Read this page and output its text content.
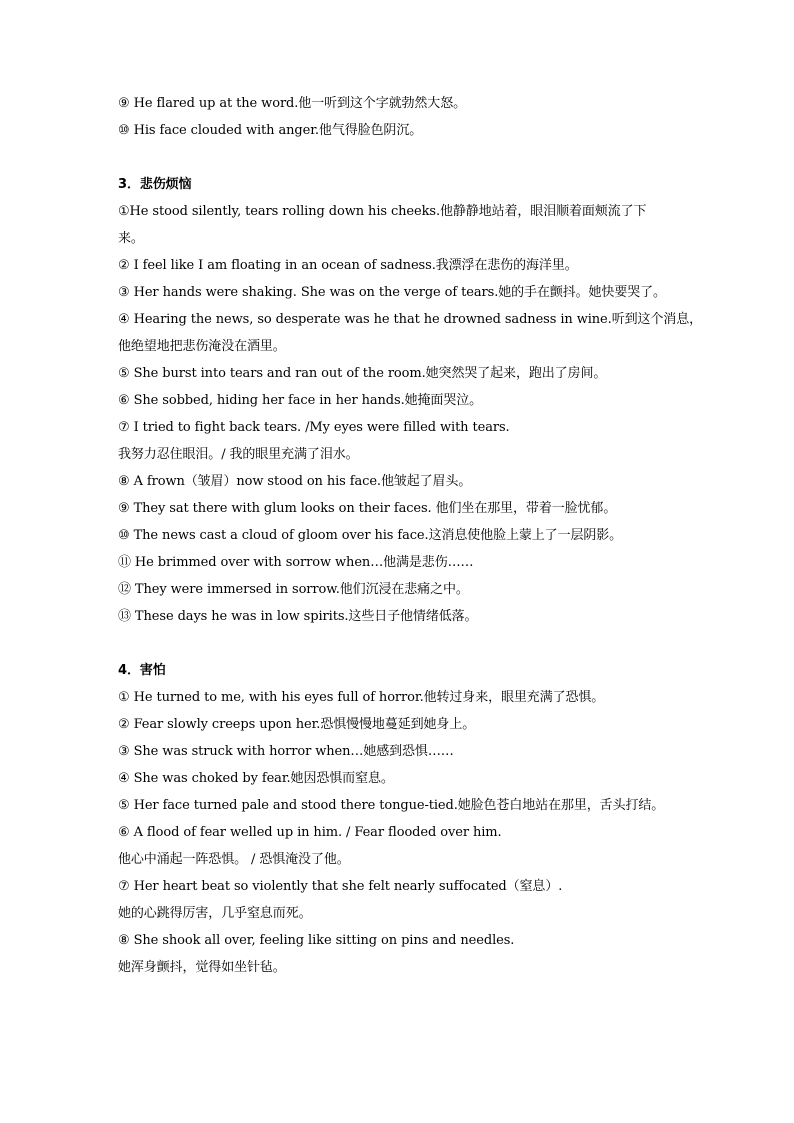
⑨ He flared up at the word.他一听到这个字就勃然大怒。
⑩ His face clouded with anger.他气得脸色阴沉。
3．悲伤烦恼
①He stood silently, tears rolling down his cheeks.他静静地站着，眼泪顺着面颊流了下
来。
② I feel like I am floating in an ocean of sadness.我漂浮在悲伤的海洋里。
③ Her hands were shaking. She was on the verge of tears.她的手在颤抖。她快要哭了。
④ Hearing the news, so desperate was he that he drowned sadness in wine.听到这个消息，
他绝望地把悲伤淹没在酒里。
⑤ She burst into tears and ran out of the room.她突然哭了起来，跑出了房间。
⑥ She sobbed, hiding her face in her hands.她掩面哭泣。
⑦ I tried to fight back tears. /My eyes were filled with tears.
我努力忍住眼泪。/ 我的眼里充满了泪水。
⑧ A frown（皱眉）now stood on his face.他皱起了眉头。
⑨ They sat there with glum looks on their faces. 他们坐在那里，带着一脸忧郁。
⑩ The news cast a cloud of gloom over his face.这消息使他脸上蒙上了一层阴影。
⑪ He brimmed over with sorrow when…他满是悲伤……
⑫ They were immersed in sorrow.他们沉浸在悲痛之中。
⑬ These days he was in low spirits.这些日子他情绪低落。
4．害怕
① He turned to me, with his eyes full of horror.他转过身来，眼里充满了恐惧。
② Fear slowly creeps upon her.恐惧慢慢地蔓延到她身上。
③ She was struck with horror when…她感到恐惧……
④ She was choked by fear.她因恐惧而窒息。
⑤ Her face turned pale and stood there tongue-tied.她脸色苍白地站在那里，舌头打结。
⑥ A flood of fear welled up in him. / Fear flooded over him.
他心中涌起一阵恐惧。 / 恐惧淹没了他。
⑦ Her heart beat so violently that she felt nearly suffocated（窒息）.
她的心跳得厉害，几乎窒息而死。
⑧ She shook all over, feeling like sitting on pins and needles.
她浑身颤抖，觉得如坐针毡。
